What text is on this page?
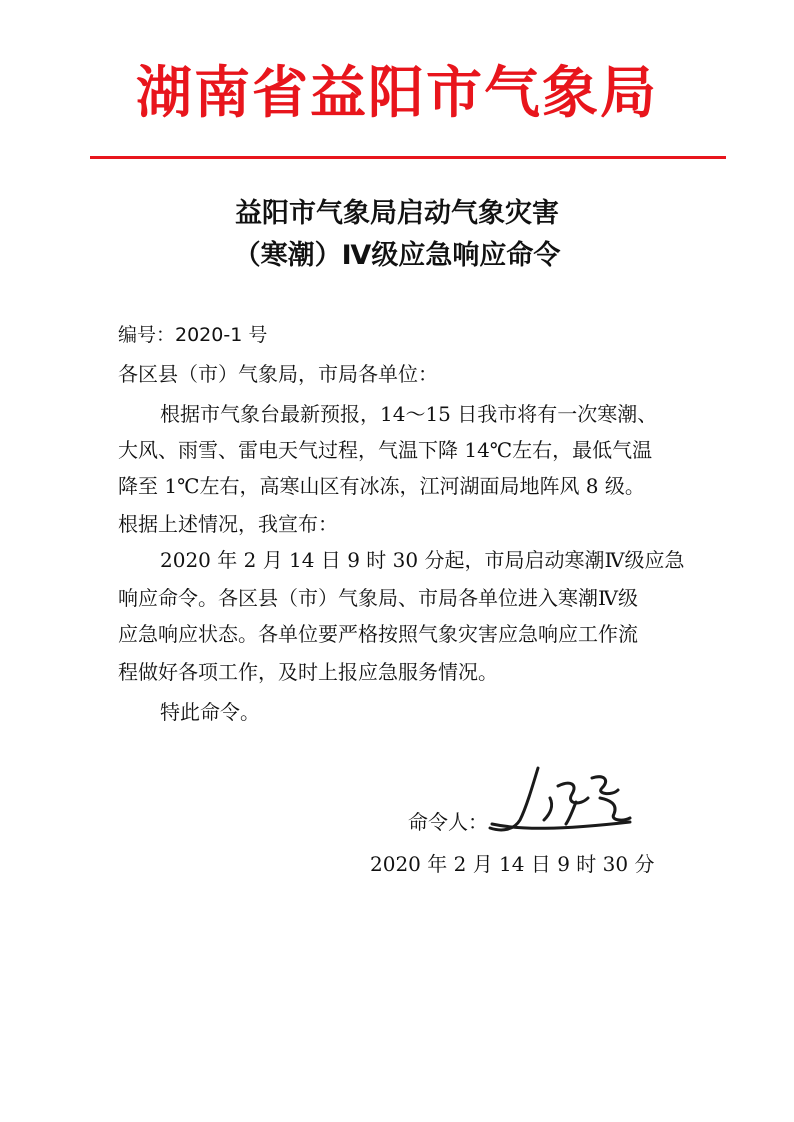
湖南省益阳市气象局
益阳市气象局启动气象灾害
（寒潮）Ⅳ级应急响应命令
编号：2020-1 号
各区县（市）气象局，市局各单位：
根据市气象台最新预报，14～15 日我市将有一次寒潮、
大风、雨雪、雷电天气过程，气温下降 14℃左右，最低气温
降至 1℃左右，高寒山区有冰冻，江河湖面局地阵风 8 级。
根据上述情况，我宣布：
2020 年 2 月 14 日 9 时 30 分起，市局启动寒潮Ⅳ级应急
响应命令。各区县（市）气象局、市局各单位进入寒潮Ⅳ级
应急响应状态。各单位要严格按照气象灾害应急响应工作流
程做好各项工作，及时上报应急服务情况。
特此命令。
命令人：
2020 年 2 月 14 日 9 时 30 分
